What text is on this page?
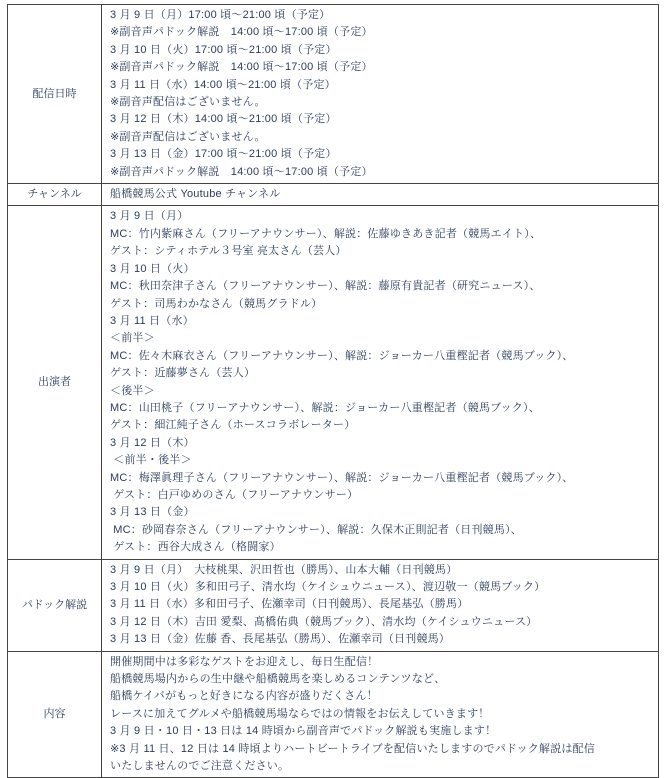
配信日時	
3 月 9 日（月）17:00 頃～21:00 頃（予定）
※副音声パドック解説　14:00 頃～17:00 頃（予定）
3 月 10 日（火）17:00 頃～21:00 頃（予定）
※副音声パドック解説　14:00 頃～17:00 頃（予定）
3 月 11 日（水）14:00 頃～21:00 頃（予定）
※副音声配信はございません。
3 月 12 日（木）14:00 頃～21:00 頃（予定）
※副音声配信はございません。
3 月 13 日（金）17:00 頃～21:00 頃（予定）
※副音声パドック解説　14:00 頃～17:00 頃（予定）

チャンネル	船橋競馬公式 Youtube チャンネル

出演者	
3 月 9 日（月）
MC：竹内紫麻さん（フリーアナウンサー）、解説：佐藤ゆきあき記者（競馬エイト）、
ゲスト：シティホテル３号室 亮太さん（芸人）
3 月 10 日（火）
MC：秋田奈津子さん（フリーアナウンサー）、解説：藤原有貴記者（研究ニュース）、
ゲスト：司馬わかなさん（競馬グラドル）
3 月 11 日（水）
＜前半＞
MC：佐々木麻衣さん（フリーアナウンサー）、解説：ジョーカー八重樫記者（競馬ブック）、
ゲスト：近藤夢さん（芸人）
＜後半＞
MC：山田桃子（フリーアナウンサー）、解説：ジョーカー八重樫記者（競馬ブック）、
ゲスト：細江純子さん（ホースコラボレーター）
3 月 12 日（木）
＜前半・後半＞
MC：梅澤眞理子さん（フリーアナウンサー）、解説：ジョーカー八重樫記者（競馬ブック）、
ゲスト：白戸ゆめのさん（フリーアナウンサー）
3 月 13 日（金）
MC：砂岡春奈さん（フリーアナウンサー）、解説：久保木正則記者（日刊競馬）、
ゲスト：西谷大成さん（格闘家）

パドック解説	
3 月 9 日（月）　大枝桃果、沢田哲也（勝馬）、山本大輔（日刊競馬）
3 月 10 日（火）多和田弓子、清水均（ケイシュウニュース）、渡辺敬一（競馬ブック）
3 月 11 日（水）多和田弓子、佐瀬幸司（日刊競馬）、長尾基弘（勝馬）
3 月 12 日（木）吉田 愛梨、髙橋佑典（競馬ブック）、清水均（ケイシュウニュース）
3 月 13 日（金）佐藤 香、長尾基弘（勝馬）、佐瀬幸司（日刊競馬）

内容	
開催期間中は多彩なゲストをお迎えし、毎日生配信！
船橋競馬場内からの生中継や船橋競馬を楽しめるコンテンツなど、
船橋ケイバがもっと好きになる内容が盛りだくさん！
レースに加えてグルメや船橋競馬場ならではの情報をお伝えしていきます！
3 月 9 日・10 日・13 日は 14 時頃から副音声でパドック解説も実施します！
※3 月 11 日、12 日は 14 時頃よりハートビートライブを配信いたしますのでパドック解説は配信
いたしませんのでご注意ください。
